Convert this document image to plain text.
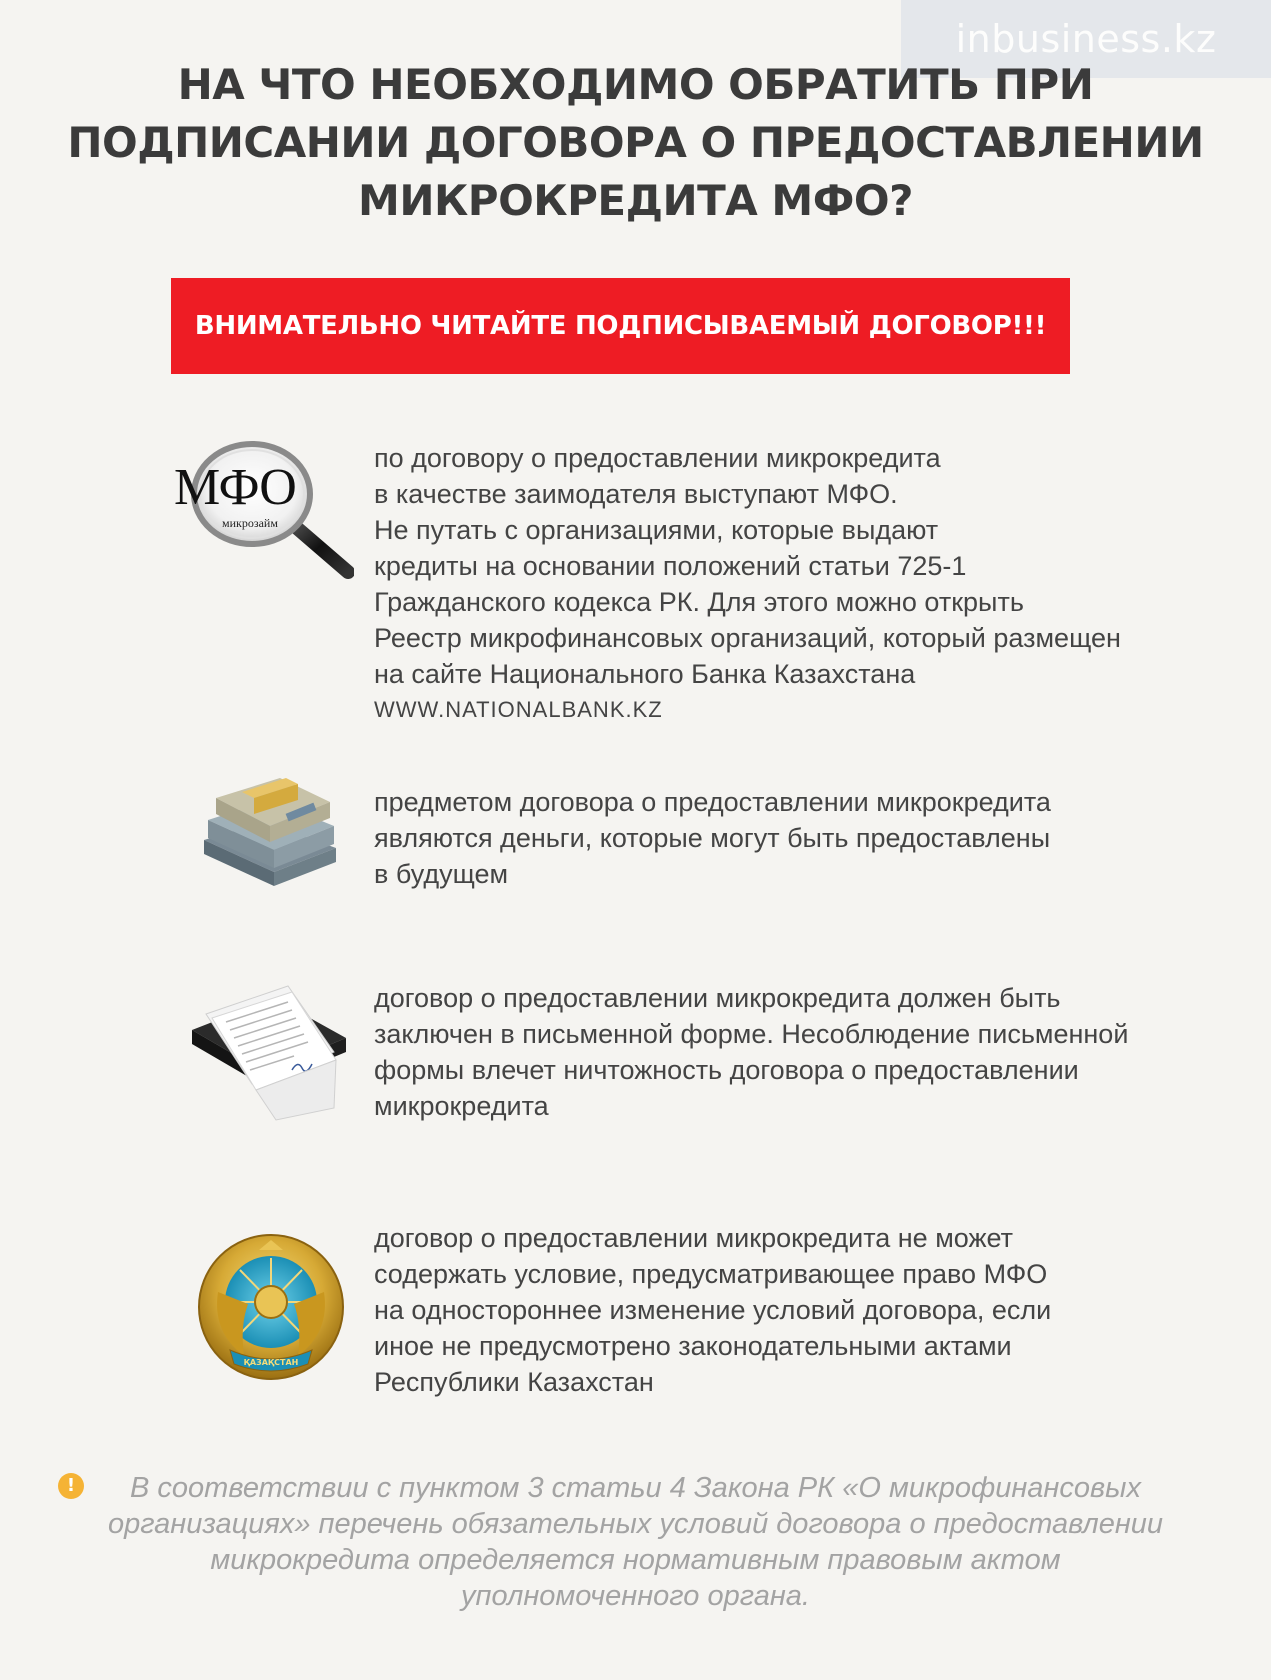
inbusiness.kz
НА ЧТО НЕОБХОДИМО ОБРАТИТЬ ПРИ
ПОДПИСАНИИ ДОГОВОРА О ПРЕДОСТАВЛЕНИИ
МИКРОКРЕДИТА МФО?
ВНИМАТЕЛЬНО ЧИТАЙТЕ ПОДПИСЫВАЕМЫЙ ДОГОВОР!!!
МФО
микрозайм
по договору о предоставлении микрокредита
в качестве заимодателя выступают МФО.
Не путать с организациями, которые выдают
кредиты на основании положений статьи 725-1
Гражданского кодекса РК. Для этого можно открыть
Реестр микрофинансовых организаций, который размещен
на сайте Национального Банка Казахстана
WWW.NATIONALBANK.KZ
предметом договора о предоставлении микрокредита
являются деньги, которые могут быть предоставлены
в будущем
договор о предоставлении микрокредита должен быть
заключен в письменной форме. Несоблюдение письменной
формы влечет ничтожность договора о предоставлении
микрокредита
ҚАЗАҚСТАН
договор о предоставлении микрокредита не может
содержать условие, предусматривающее право МФО
на одностороннее изменение условий договора, если
иное не предусмотрено законодательными актами
Республики Казахстан
!	В соответствии с пунктом 3 статьи 4 Закона РК «О микрофинансовых
организациях» перечень обязательных условий договора о предоставлении
микрокредита определяется нормативным правовым актом
уполномоченного органа.
